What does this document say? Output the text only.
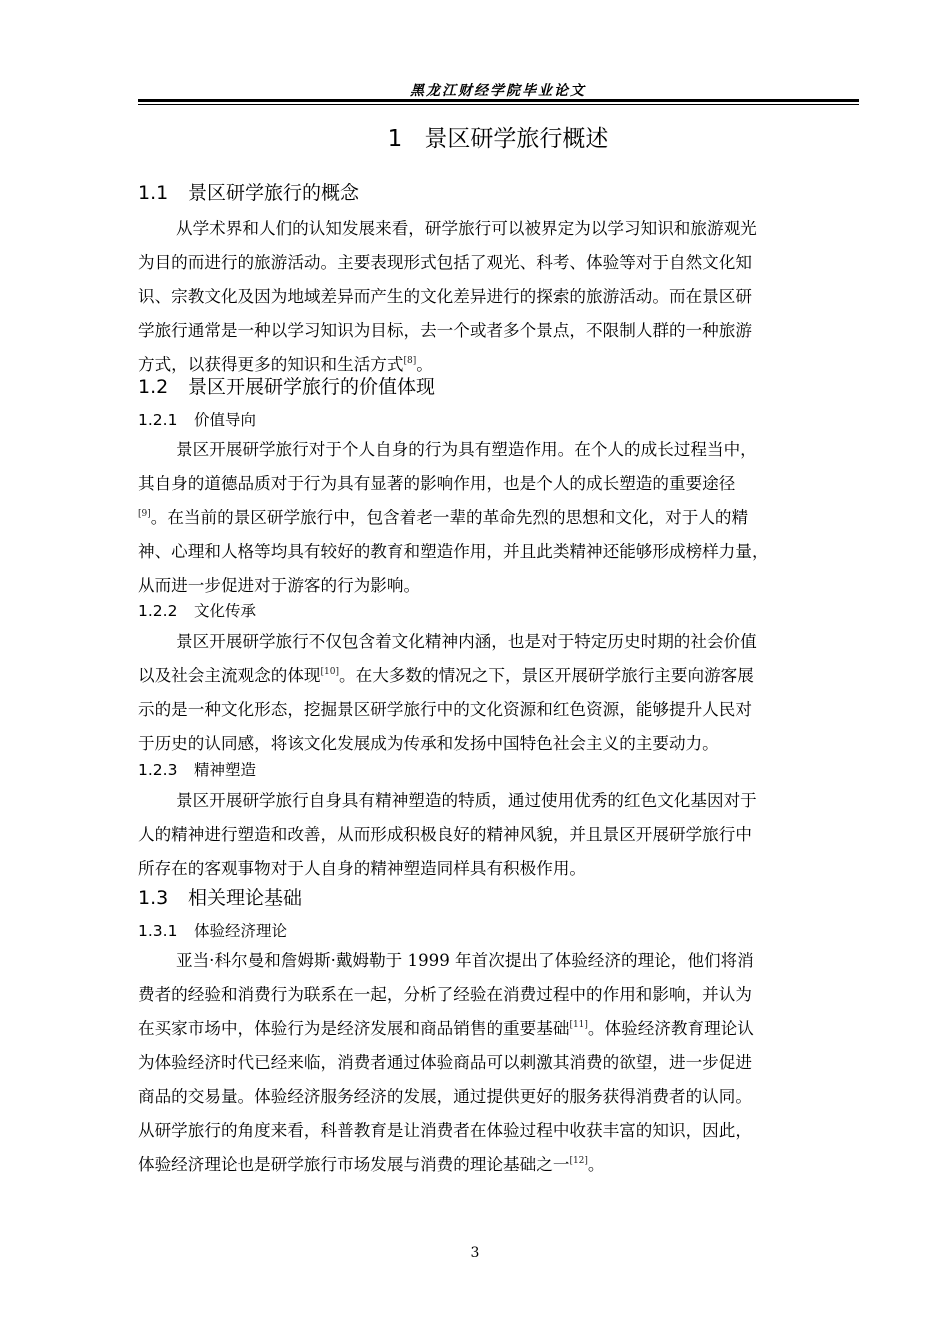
黑龙江财经学院毕业论文
1 景区研学旅行概述
1.1 景区研学旅行的概念
从学术界和人们的认知发展来看，研学旅行可以被界定为以学习知识和旅游观光
为目的而进行的旅游活动。主要表现形式包括了观光、科考、体验等对于自然文化知
识、宗教文化及因为地域差异而产生的文化差异进行的探索的旅游活动。而在景区研
学旅行通常是一种以学习知识为目标，去一个或者多个景点，不限制人群的一种旅游
方式，以获得更多的知识和生活方式[8]。
1.2 景区开展研学旅行的价值体现
1.2.1 价值导向
景区开展研学旅行对于个人自身的行为具有塑造作用。在个人的成长过程当中，
其自身的道德品质对于行为具有显著的影响作用，也是个人的成长塑造的重要途径
[9]。在当前的景区研学旅行中，包含着老一辈的革命先烈的思想和文化，对于人的精
神、心理和人格等均具有较好的教育和塑造作用，并且此类精神还能够形成榜样力量，
从而进一步促进对于游客的行为影响。
1.2.2 文化传承
景区开展研学旅行不仅包含着文化精神内涵，也是对于特定历史时期的社会价值
以及社会主流观念的体现[10]。在大多数的情况之下，景区开展研学旅行主要向游客展
示的是一种文化形态，挖掘景区研学旅行中的文化资源和红色资源，能够提升人民对
于历史的认同感，将该文化发展成为传承和发扬中国特色社会主义的主要动力。
1.2.3 精神塑造
景区开展研学旅行自身具有精神塑造的特质，通过使用优秀的红色文化基因对于
人的精神进行塑造和改善，从而形成积极良好的精神风貌，并且景区开展研学旅行中
所存在的客观事物对于人自身的精神塑造同样具有积极作用。
1.3 相关理论基础
1.3.1 体验经济理论
亚当·科尔曼和詹姆斯·戴姆勒于 1999 年首次提出了体验经济的理论，他们将消
费者的经验和消费行为联系在一起，分析了经验在消费过程中的作用和影响，并认为
在买家市场中，体验行为是经济发展和商品销售的重要基础[11]。体验经济教育理论认
为体验经济时代已经来临，消费者通过体验商品可以刺激其消费的欲望，进一步促进
商品的交易量。体验经济服务经济的发展，通过提供更好的服务获得消费者的认同。
从研学旅行的角度来看，科普教育是让消费者在体验过程中收获丰富的知识，因此，
体验经济理论也是研学旅行市场发展与消费的理论基础之一[12]。
3
